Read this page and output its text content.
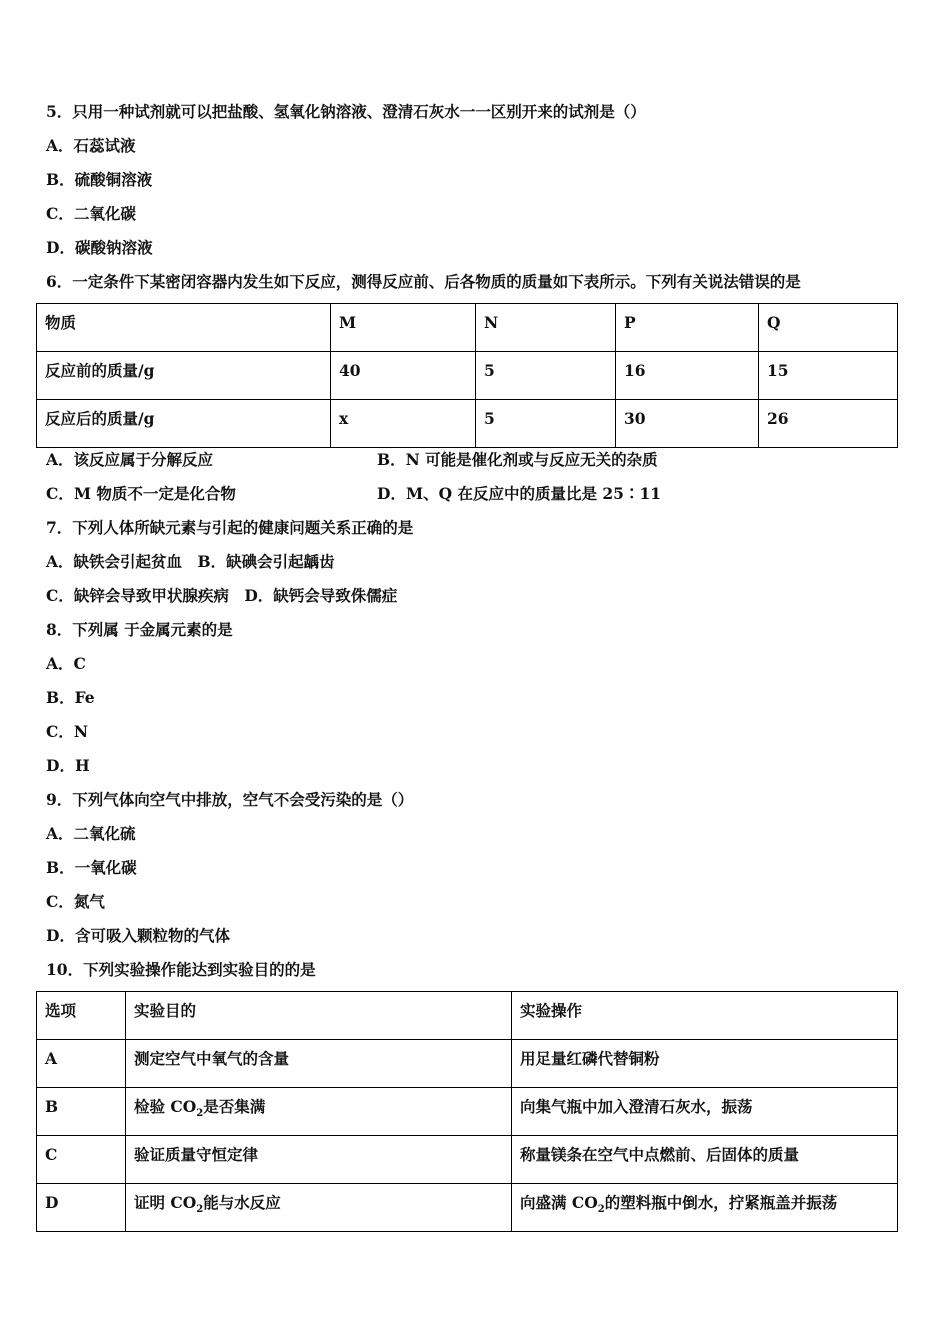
5．只用一种试剂就可以把盐酸、氢氧化钠溶液、澄清石灰水一一区别开来的试剂是（）
A．石蕊试液
B．硫酸铜溶液
C．二氧化碳
D．碳酸钠溶液
6．一定条件下某密闭容器内发生如下反应，测得反应前、后各物质的质量如下表所示。下列有关说法错误的是
物质	M	N	P	Q
反应前的质量/g	40	5	16	15
反应后的质量/g	x	5	30	26
A．该反应属于分解反应	B．N 可能是催化剂或与反应无关的杂质
C．M 物质不一定是化合物	D．M、Q 在反应中的质量比是 25∶11
7．下列人体所缺元素与引起的健康问题关系正确的是
A．缺铁会引起贫血　B．缺碘会引起龋齿
C．缺锌会导致甲状腺疾病　D．缺钙会导致侏儒症
8．下列属 于金属元素的是
A．C
B．Fe
C．N
D．H
9．下列气体向空气中排放，空气不会受污染的是（）
A．二氧化硫
B．一氧化碳
C．氮气
D．含可吸入颗粒物的气体
10．下列实验操作能达到实验目的的是
选项	实验目的	实验操作
A	测定空气中氧气的含量	用足量红磷代替铜粉
B	检验 $CO_2$是否集满	向集气瓶中加入澄清石灰水，振荡
C	验证质量守恒定律	称量镁条在空气中点燃前、后固体的质量
D	证明 $CO_2$能与水反应	向盛满 $CO_2$的塑料瓶中倒水，拧紧瓶盖并振荡
